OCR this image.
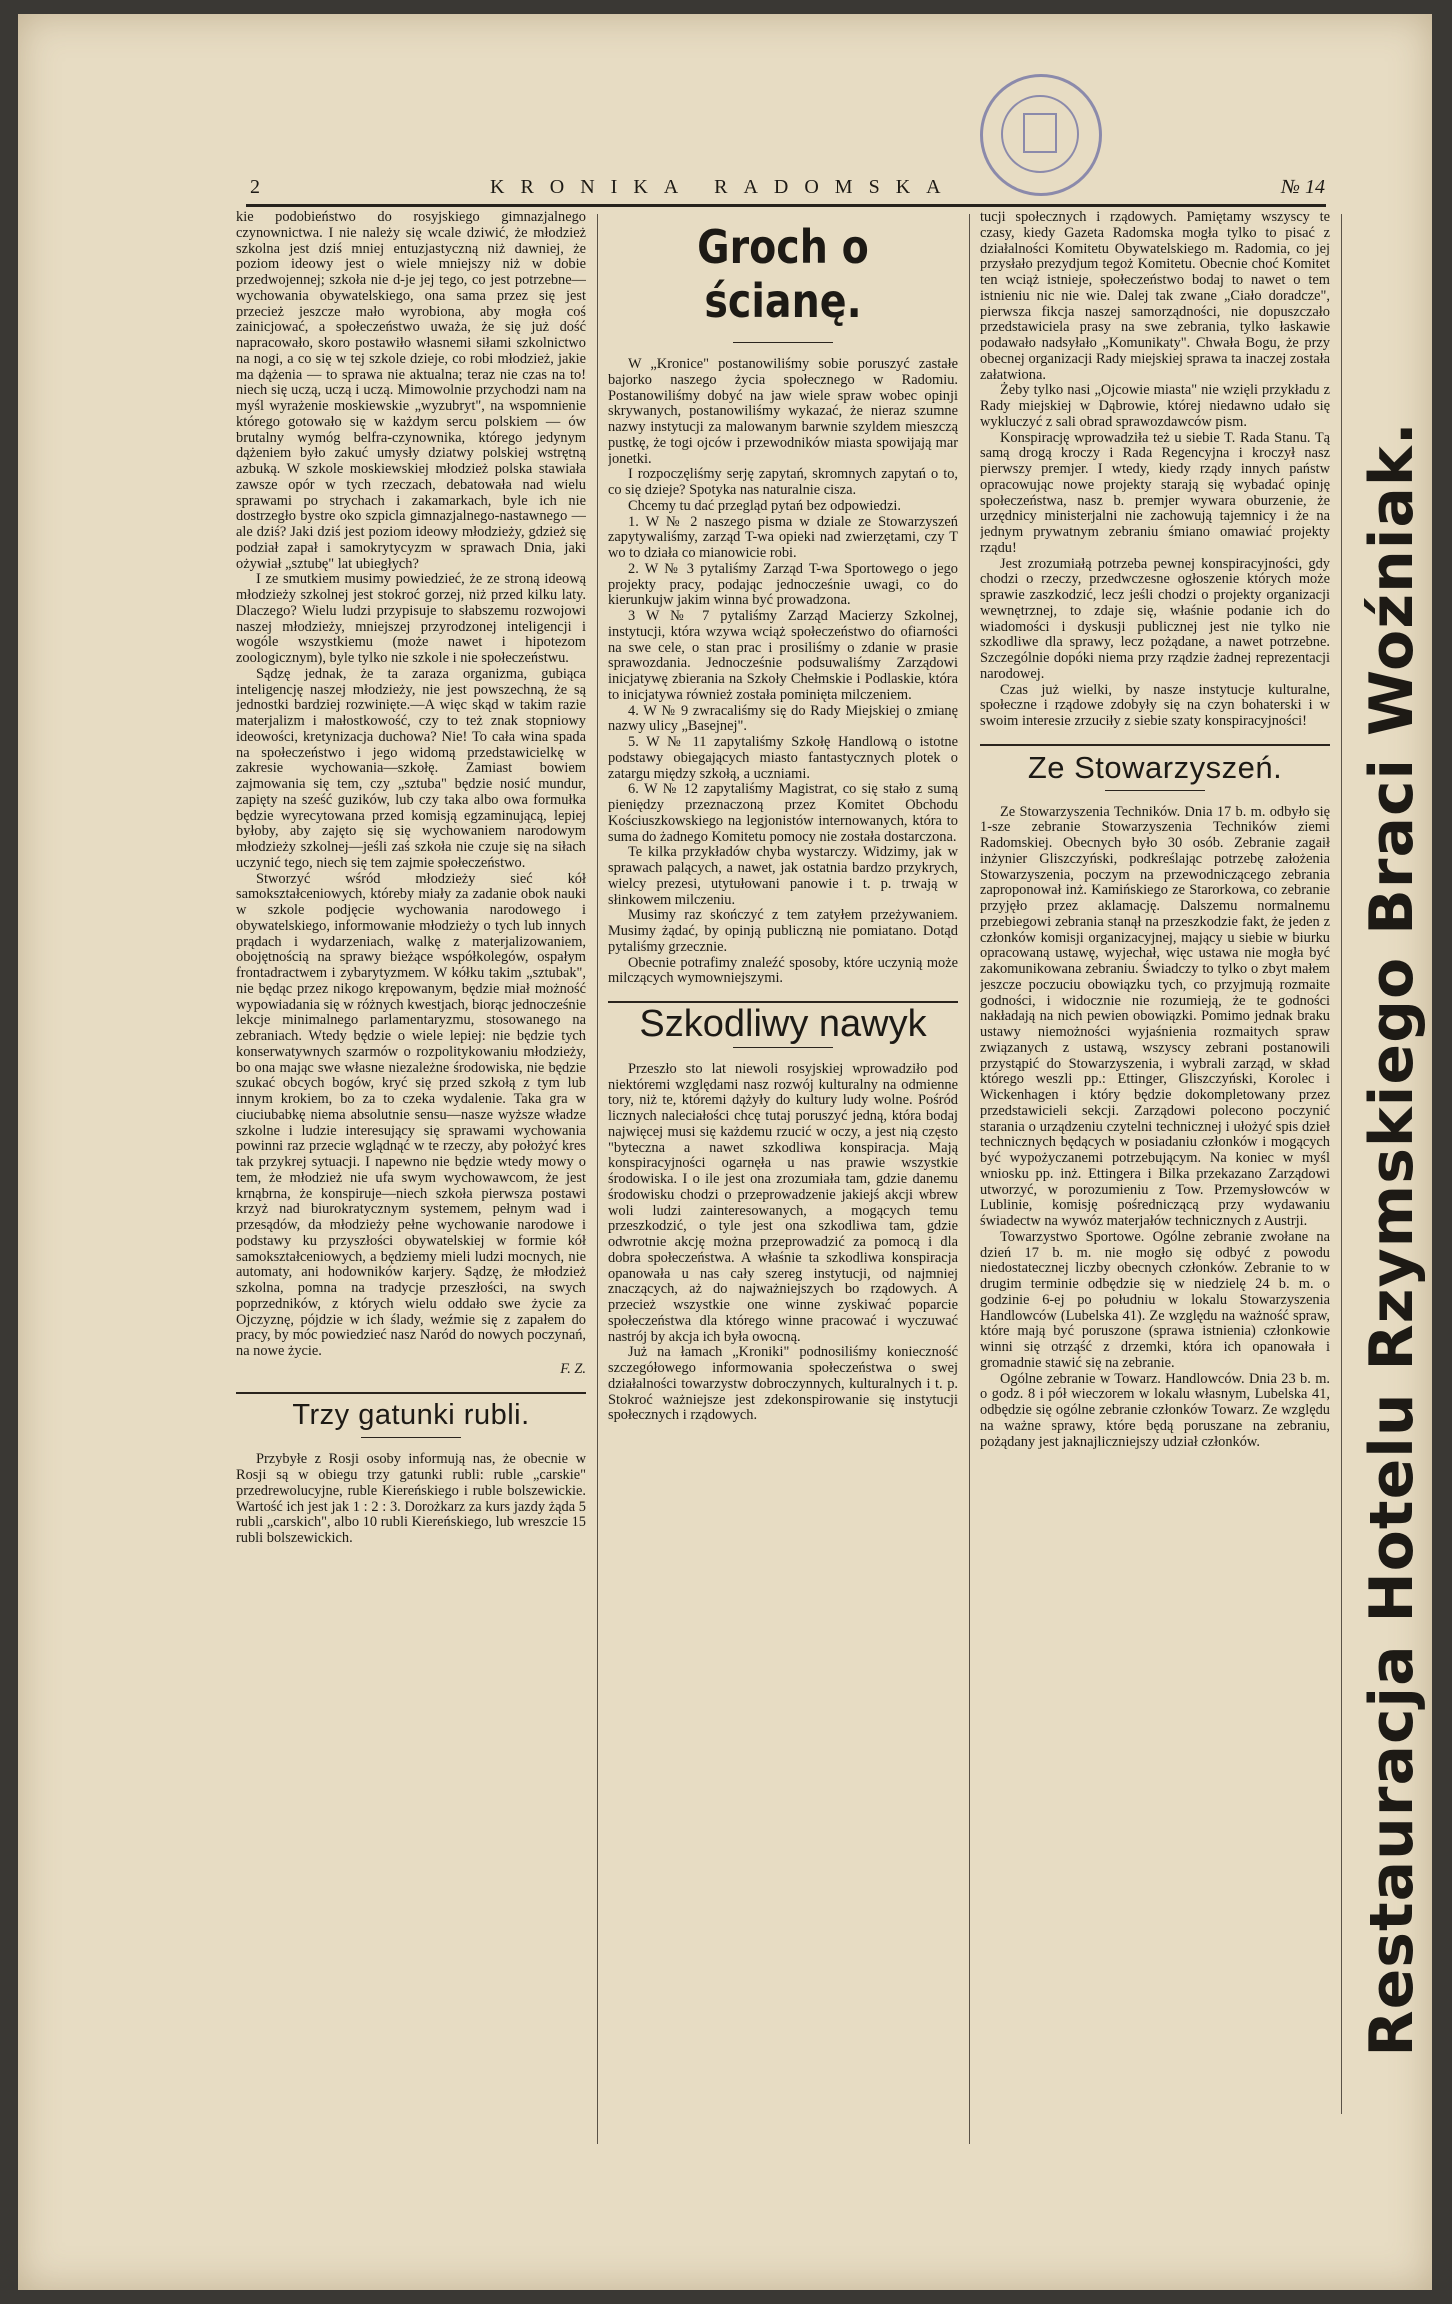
2	KRONIKA RADOMSKA	№ 14

kie podobieństwo do rosyjskiego gimnazjalnego czynownictwa. I nie należy się wcale dziwić, że młodzież szkolna jest dziś mniej entuzjastyczną niż dawniej, że poziom ideowy jest o wiele mniejszy niż w dobie przedwojennej; szkoła nie d-je jej tego, co jest potrzebne—wychowania obywatelskiego, ona sama przez się jest przecież jeszcze mało wyrobiona, aby mogła coś zainicjować, a społeczeństwo uważa, że się już dość napracowało, skoro postawiło własnemi siłami szkolnictwo na nogi, a co się w tej szkole dzieje, co robi młodzież, jakie ma dążenia — to sprawa nie aktualna; teraz nie czas na to! niech się uczą, uczą i uczą. Mimowolnie przychodzi nam na myśl wyrażenie moskiewskie „wyzubryt", na wspomnienie którego gotowało się w każdym sercu polskiem — ów brutalny wymóg belfra-czynownika, którego jedynym dążeniem było zakuć umysły dziatwy polskiej wstrętną azbuką. W szkole moskiewskiej młodzież polska stawiała zawsze opór w tych rzeczach, debatowała nad wielu sprawami po strychach i zakamarkach, byle ich nie dostrzegło bystre oko szpicla gimnazjalnego-nastawnego — ale dziś? Jaki dziś jest poziom ideowy młodzieży, gdzież się podział zapał i samokrytycyzm w sprawach Dnia, jaki ożywiał „sztubę" lat ubiegłych?

I ze smutkiem musimy powiedzieć, że ze stroną ideową młodzieży szkolnej jest stokroć gorzej, niż przed kilku laty. Dlaczego? Wielu ludzi przypisuje to słabszemu rozwojowi naszej młodzieży, mniejszej przyrodzonej inteligencji i wogóle wszystkiemu (może nawet i hipotezom zoologicznym), byle tylko nie szkole i nie społeczeństwu.

Sądzę jednak, że ta zaraza organizma, gubiąca inteligencję naszej młodzieży, nie jest powszechną, że są jednostki bardziej rozwinięte.—A więc skąd w takim razie materjalizm i małostkowość, czy to też znak stopniowy ideowości, kretynizacja duchowa? Nie! To cała wina spada na społeczeństwo i jego widomą przedstawicielkę w zakresie wychowania—szkołę. Zamiast bowiem zajmowania się tem, czy „sztuba" będzie nosić mundur, zapięty na sześć guzików, lub czy taka albo owa formułka będzie wyrecytowana przed komisją egzaminującą, lepiej byłoby, aby zajęto się się wychowaniem narodowym młodzieży szkolnej—jeśli zaś szkoła nie czuje się na siłach uczynić tego, niech się tem zajmie społeczeństwo.

Stworzyć wśród młodzieży sieć kół samokształceniowych, któreby miały za zadanie obok nauki w szkole podjęcie wychowania narodowego i obywatelskiego, informowanie młodzieży o tych lub innych prądach i wydarzeniach, walkę z materjalizowaniem, obojętnością na sprawy bieżące współkolegów, ospałym frontadractwem i zybarytyzmem. W kółku takim „sztubak", nie będąc przez nikogo krępowanym, będzie miał możność wypowiadania się w różnych kwestjach, biorąc jednocześnie lekcje minimalnego parlamentaryzmu, stosowanego na zebraniach. Wtedy będzie o wiele lepiej: nie będzie tych konserwatywnych szarmów o rozpolitykowaniu młodzieży, bo ona mając swe własne niezależne środowiska, nie będzie szukać obcych bogów, kryć się przed szkołą z tym lub innym krokiem, bo za to czeka wydalenie. Taka gra w ciuciubabkę niema absolutnie sensu—nasze wyższe władze szkolne i ludzie interesujący się sprawami wychowania powinni raz przecie wglądnąć w te rzeczy, aby położyć kres tak przykrej sytuacji. I napewno nie będzie wtedy mowy o tem, że młodzież nie ufa swym wychowawcom, że jest krnąbrna, że konspiruje—niech szkoła pierwsza postawi krzyż nad biurokratycznym systemem, pełnym wad i przesądów, da młodzieży pełne wychowanie narodowe i podstawy ku przyszłości obywatelskiej w formie kół samokształceniowych, a będziemy mieli ludzi mocnych, nie automaty, ani hodowników karjery. Sądzę, że młodzież szkolna, pomna na tradycje przeszłości, na swych poprzedników, z których wielu oddało swe życie za Ojczyznę, pójdzie w ich ślady, weźmie się z zapałem do pracy, by móc powiedzieć nasz Naród do nowych poczynań, na nowe życie.

F. Z.
Trzy gatunki rubli.

Przybyłe z Rosji osoby informują nas, że obecnie w Rosji są w obiegu trzy gatunki rubli: ruble „carskie" przedrewolucyjne, ruble Kiereńskiego i ruble bolszewickie. Wartość ich jest jak 1 : 2 : 3. Dorożkarz za kurs jazdy żąda 5 rubli „carskich", albo 10 rubli Kiereńskiego, lub wreszcie 15 rubli bolszewickich.

Groch o ścianę.

W „Kronice" postanowiliśmy sobie poruszyć zastałe bajorko naszego życia społecznego w Radomiu. Postanowiliśmy dobyć na jaw wiele spraw wobec opinji skrywanych, postanowiliśmy wykazać, że nieraz szumne nazwy instytucji za malowanym barwnie szyldem mieszczą pustkę, że togi ojców i przewodników miasta spowijają mar jonetki.

I rozpoczęliśmy serję zapytań, skromnych zapytań o to, co się dzieje? Spotyka nas naturalnie cisza.

Chcemy tu dać przegląd pytań bez odpowiedzi.

1. W № 2 naszego pisma w dziale ze Stowarzyszeń zapytywaliśmy, zarząd T-wa opieki nad zwierzętami, czy T wo to działa co mianowicie robi.

2. W № 3 pytaliśmy Zarząd T-wa Sportowego o jego projekty pracy, podając jednocześnie uwagi, co do kierunkujw jakim winna być prowadzona.

3 W № 7 pytaliśmy Zarząd Macierzy Szkolnej, instytucji, która wzywa wciąż społeczeństwo do ofiarności na swe cele, o stan prac i prosiliśmy o zdanie w prasie sprawozdania. Jednocześnie podsuwaliśmy Zarządowi inicjatywę zbierania na Szkoły Chełmskie i Podlaskie, która to inicjatywa również została pominięta milczeniem.

4. W № 9 zwracaliśmy się do Rady Miejskiej o zmianę nazwy ulicy „Basejnej".

5. W № 11 zapytaliśmy Szkołę Handlową o istotne podstawy obiegających miasto fantastycznych plotek o zatargu między szkołą, a uczniami.

6. W № 12 zapytaliśmy Magistrat, co się stało z sumą pieniędzy przeznaczoną przez Komitet Obchodu Kościuszkowskiego na legjonistów internowanych, która to suma do żadnego Komitetu pomocy nie została dostarczona.

Te kilka przykładów chyba wystarczy. Widzimy, jak w sprawach palących, a nawet, jak ostatnia bardzo przykrych, wielcy prezesi, utytułowani panowie i t. p. trwają w słinkowem milczeniu.

Musimy raz skończyć z tem zatyłem przeżywaniem. Musimy żądać, by opinją publiczną nie pomiatano. Dotąd pytaliśmy grzecznie.

Obecnie potrafimy znaleźć sposoby, które uczynią może milczących wymowniejszymi.

Szkodliwy nawyk

Przeszło sto lat niewoli rosyjskiej wprowadziło pod niektóremi względami nasz rozwój kulturalny na odmienne tory, niż te, któremi dążyły do kultury ludy wolne. Pośród licznych naleciałości chcę tutaj poruszyć jedną, która bodaj najwięcej musi się każdemu rzucić w oczy, a jest nią często "byteczna a nawet szkodliwa konspiracja. Mają konspiracyjności ogarnęła u nas prawie wszystkie środowiska. I o ile jest ona zrozumiała tam, gdzie danemu środowisku chodzi o przeprowadzenie jakiejś akcji wbrew woli ludzi zainteresowanych, a mogących temu przeszkodzić, o tyle jest ona szkodliwa tam, gdzie odwrotnie akcję można przeprowadzić za pomocą i dla dobra społeczeństwa. A właśnie ta szkodliwa konspiracja opanowała u nas cały szereg instytucji, od najmniej znaczących, aż do najważniejszych bo rządowych. A przecież wszystkie one winne zyskiwać poparcie społeczeństwa dla którego winne pracować i wyczuwać nastrój by akcja ich była owocną.

Już na łamach „Kroniki" podnosiliśmy konieczność szczegółowego informowania społeczeństwa o swej działalności towarzystw dobroczynnych, kulturalnych i t. p. Stokroć ważniejsze jest zdekonspirowanie się instytucji społecznych i rządowych.

tucji społecznych i rządowych. Pamiętamy wszyscy te czasy, kiedy Gazeta Radomska mogła tylko to pisać z działalności Komitetu Obywatelskiego m. Radomia, co jej przysłało prezydjum tegoż Komitetu. Obecnie choć Komitet ten wciąż istnieje, społeczeństwo bodaj to nawet o tem istnieniu nic nie wie. Dalej tak zwane „Ciało doradcze", pierwsza fikcja naszej samorządności, nie dopuszczało przedstawiciela prasy na swe zebrania, tylko łaskawie podawało nadsyłało „Komunikaty". Chwała Bogu, że przy obecnej organizacji Rady miejskiej sprawa ta inaczej została załatwiona.

Żeby tylko nasi „Ojcowie miasta" nie wzięli przykładu z Rady miejskiej w Dąbrowie, której niedawno udało się wykluczyć z sali obrad sprawozdawców pism.

Konspirację wprowadziła też u siebie T. Rada Stanu. Tą samą drogą kroczy i Rada Regencyjna i kroczył nasz pierwszy premjer. I wtedy, kiedy rządy innych państw opracowując nowe projekty starają się wybadać opinję społeczeństwa, nasz b. premjer wywara oburzenie, że urzędnicy ministerjalni nie zachowują tajemnicy i że na jednym prywatnym zebraniu śmiano omawiać projekty rządu!

Jest zrozumiałą potrzeba pewnej konspiracyjności, gdy chodzi o rzeczy, przedwczesne ogłoszenie których może sprawie zaszkodzić, lecz jeśli chodzi o projekty organizacji wewnętrznej, to zdaje się, właśnie podanie ich do wiadomości i dyskusji publicznej jest nie tylko nie szkodliwe dla sprawy, lecz pożądane, a nawet potrzebne. Szczególnie dopóki niema przy rządzie żadnej reprezentacji narodowej.

Czas już wielki, by nasze instytucje kulturalne, społeczne i rządowe zdobyły się na czyn bohaterski i w swoim interesie zrzuciły z siebie szaty konspiracyjności!

Ze Stowarzyszeń.

Ze Stowarzyszenia Techników. Dnia 17 b. m. odbyło się 1-sze zebranie Stowarzyszenia Techników ziemi Radomskiej. Obecnych było 30 osób. Zebranie zagaił inżynier Gliszczyński, podkreślając potrzebę założenia Stowarzyszenia, poczym na przewodniczącego zebrania zaproponował inż. Kamińskiego ze Starorkowa, co zebranie przyjęło przez aklamację. Dalszemu normalnemu przebiegowi zebrania stanął na przeszkodzie fakt, że jeden z członków komisji organizacyjnej, mający u siebie w biurku opracowaną ustawę, wyjechał, więc ustawa nie mogła być zakomunikowana zebraniu. Świadczy to tylko o zbyt małem jeszcze poczuciu obowiązku tych, co przyjmują rozmaite godności, i widocznie nie rozumieją, że te godności nakładają na nich pewien obowiązki. Pomimo jednak braku ustawy niemożności wyjaśnienia rozmaitych spraw związanych z ustawą, wszyscy zebrani postanowili przystąpić do Stowarzyszenia, i wybrali zarząd, w skład którego weszli pp.: Ettinger, Gliszczyński, Korolec i Wickenhagen i który będzie dokompletowany przez przedstawicieli sekcji. Zarządowi polecono poczynić starania o urządzeniu czytelni technicznej i ułożyć spis dzieł technicznych będących w posiadaniu członków i mogących być wypożyczanemi potrzebującym. Na koniec w myśl wniosku pp. inż. Ettingera i Bilka przekazano Zarządowi utworzyć, w porozumieniu z Tow. Przemysłowców w Lublinie, komisję pośredniczącą przy wydawaniu świadectw na wywóz materjałów technicznych z Austrji.

Towarzystwo Sportowe. Ogólne zebranie zwołane na dzień 17 b. m. nie mogło się odbyć z powodu niedostatecznej liczby obecnych członków. Zebranie to w drugim terminie odbędzie się w niedzielę 24 b. m. o godzinie 6-ej po południu w lokalu Stowarzyszenia Handlowców (Lubelska 41). Ze względu na ważność spraw, które mają być poruszone (sprawa istnienia) członkowie winni się otrząść z drzemki, która ich opanowała i gromadnie stawić się na zebranie.

Ogólne zebranie w Towarz. Handlowców. Dnia 23 b. m. o godz. 8 i pół wieczorem w lokalu własnym, Lubelska 41, odbędzie się ogólne zebranie członków Towarz. Ze względu na ważne sprawy, które będą poruszane na zebraniu, pożądany jest jaknajliczniejszy udział członków.	Restauracja Hotelu Rzymskiego Braci Woźniak.
